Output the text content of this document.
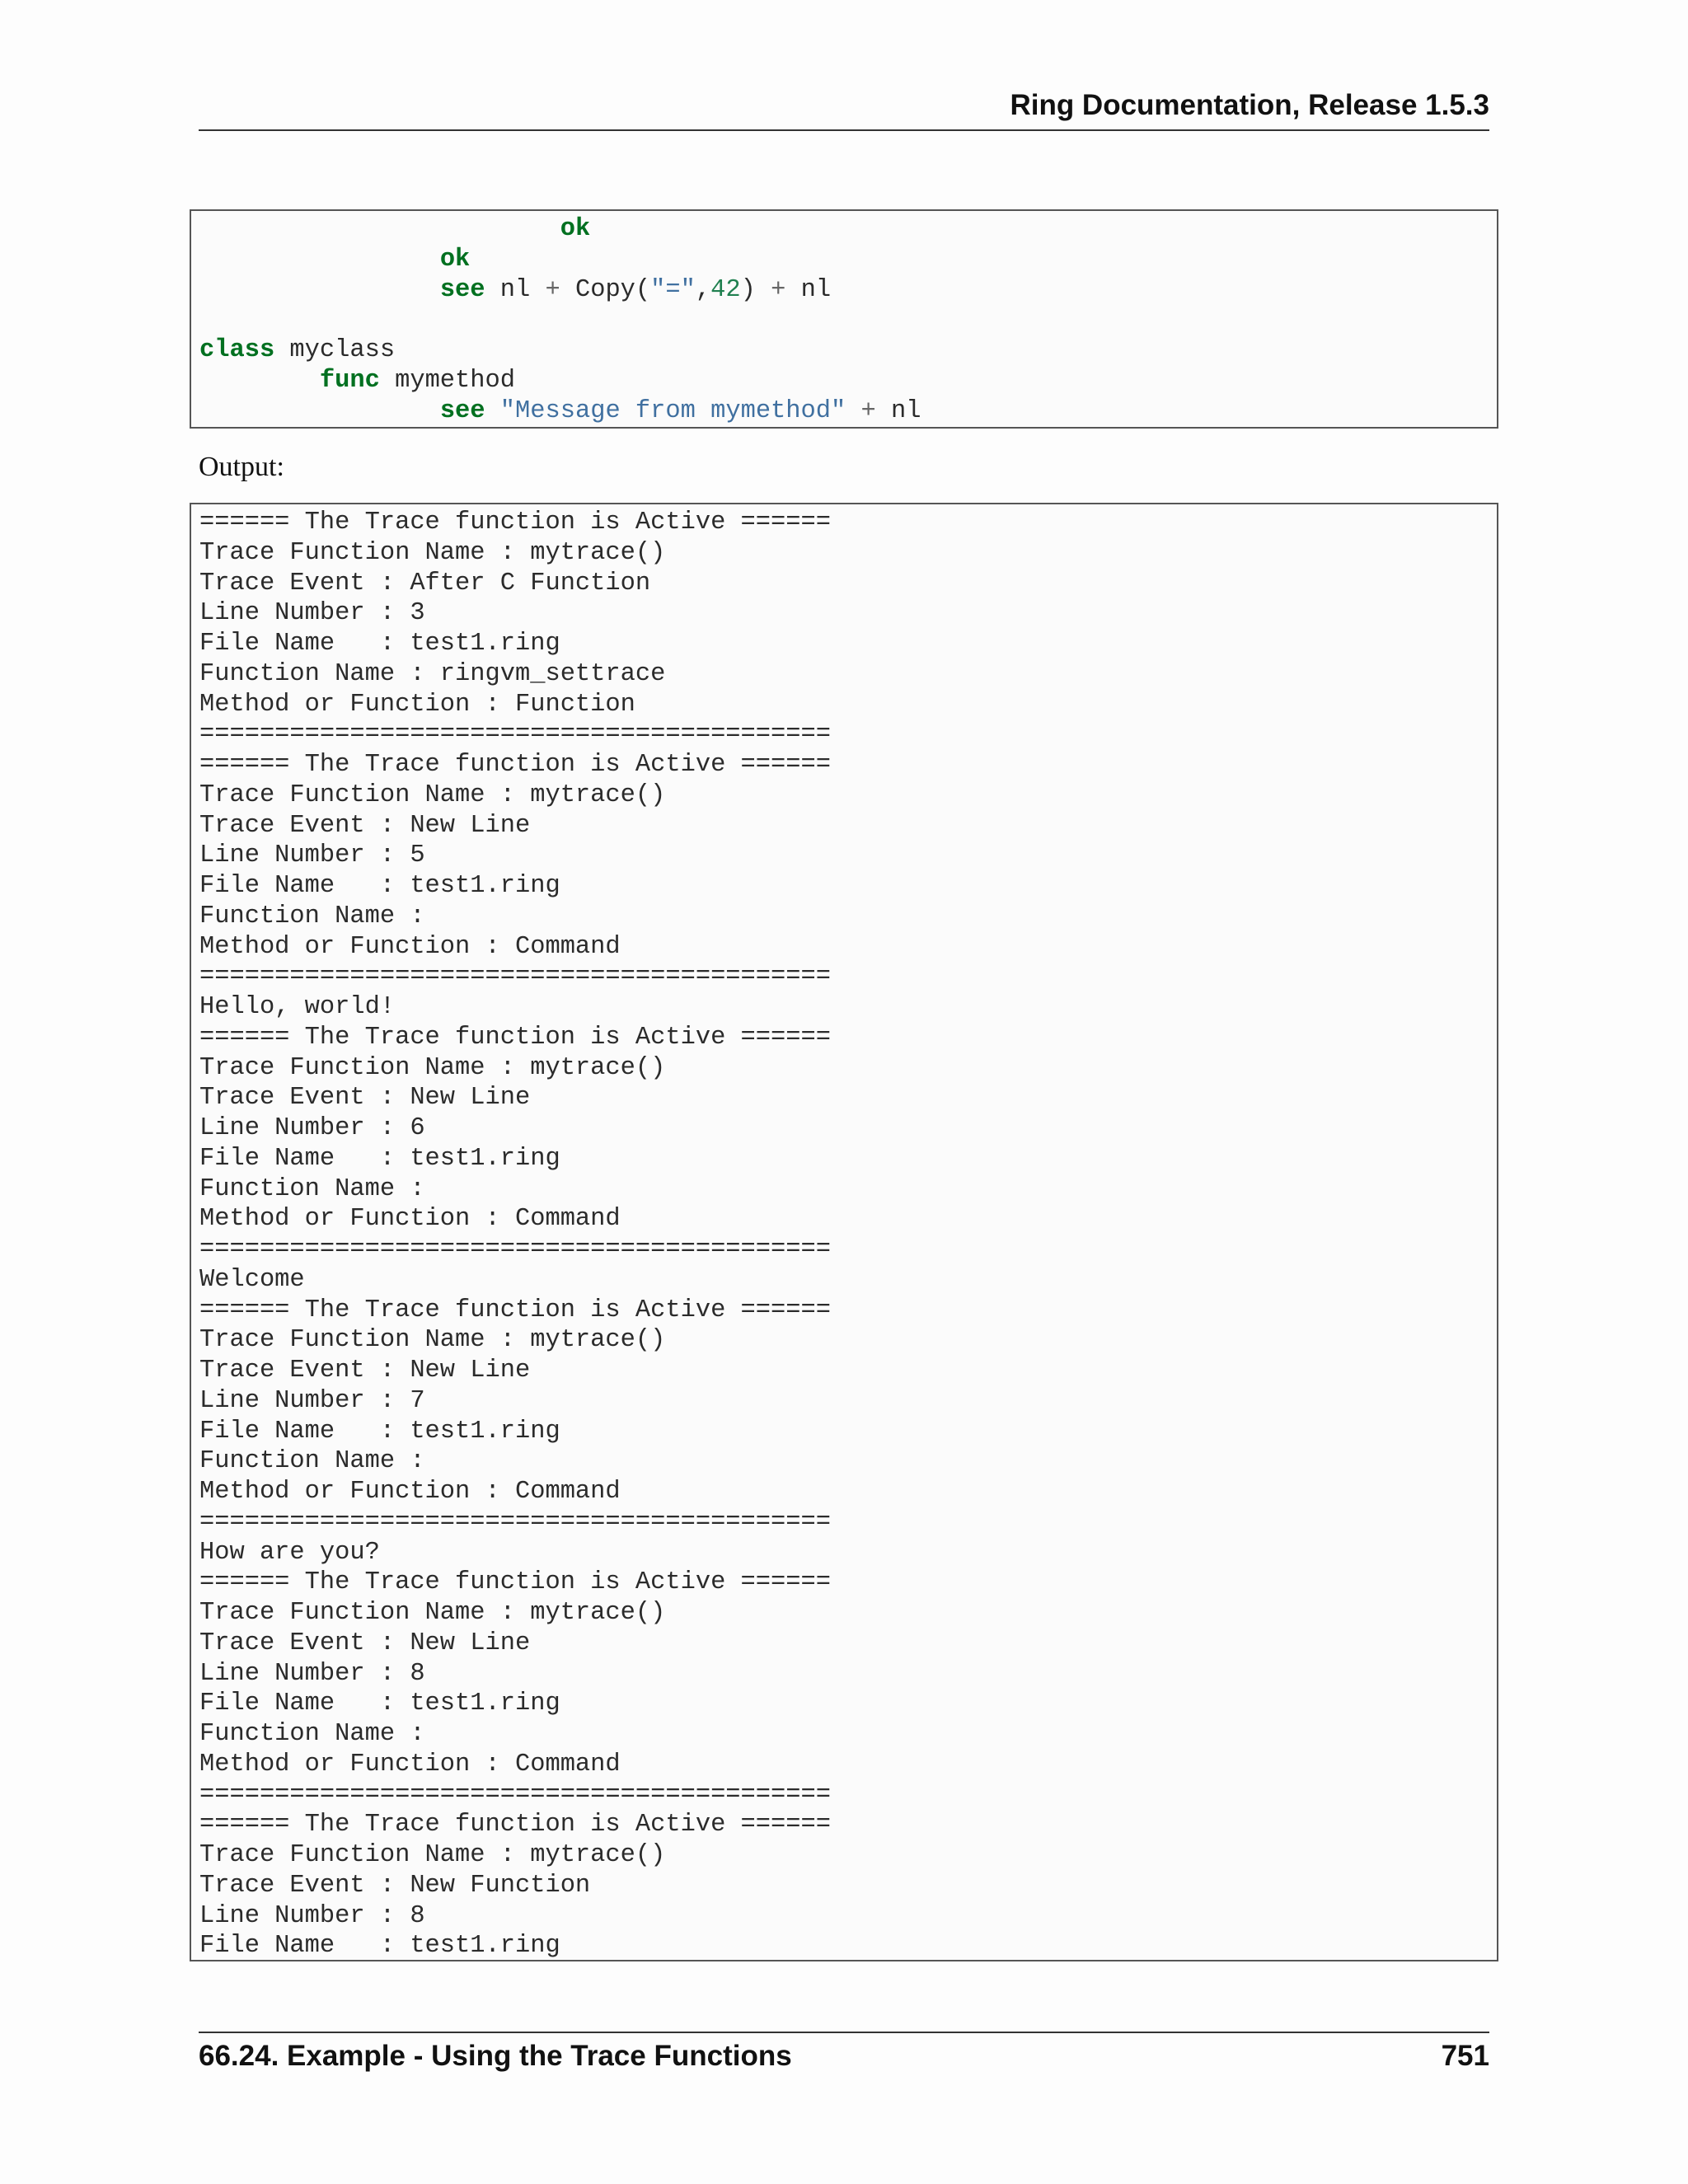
Ring Documentation, Release 1.5.3
ok
ok
see nl + Copy("=",42) + nl
class myclass
func mymethod
see "Message from mymethod" + nl
Output:
====== The Trace function is Active ======
Trace Function Name : mytrace()
Trace Event : After C Function
Line Number : 3
File Name   : test1.ring
Function Name : ringvm_settrace
Method or Function : Function
==========================================
====== The Trace function is Active ======
Trace Function Name : mytrace()
Trace Event : New Line
Line Number : 5
File Name   : test1.ring
Function Name :
Method or Function : Command
==========================================
Hello, world!
====== The Trace function is Active ======
Trace Function Name : mytrace()
Trace Event : New Line
Line Number : 6
File Name   : test1.ring
Function Name :
Method or Function : Command
==========================================
Welcome
====== The Trace function is Active ======
Trace Function Name : mytrace()
Trace Event : New Line
Line Number : 7
File Name   : test1.ring
Function Name :
Method or Function : Command
==========================================
How are you?
====== The Trace function is Active ======
Trace Function Name : mytrace()
Trace Event : New Line
Line Number : 8
File Name   : test1.ring
Function Name :
Method or Function : Command
==========================================
====== The Trace function is Active ======
Trace Function Name : mytrace()
Trace Event : New Function
Line Number : 8
File Name   : test1.ring
66.24. Example - Using the Trace Functions	751
